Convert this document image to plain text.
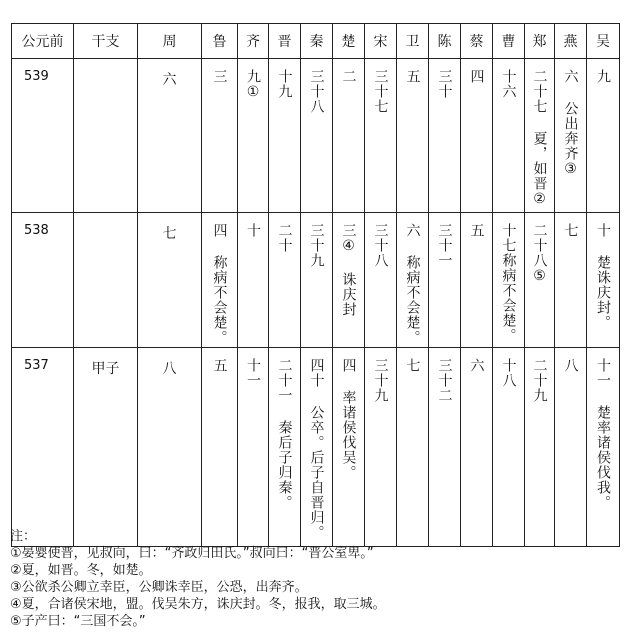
公元前	干支	周	鲁	齐	晋	秦	楚	宋	卫	陈	蔡	曹	郑	燕	吴
539		六	三	九①	十九	三十八	二	三十七	五	三十	四	十六	二十七 夏，如晋②	六 公出奔齐③	九

538		七	四 称病不会楚。	十	二十	三十九	三④ 诛庆封	三十八	六 称病不会楚。	三十一	五	十七称病不会楚。	二十八⑤	七	十 楚诛庆封。

537	甲子	八	五	十一	二十一 秦后子归秦。	四十 公卒。后子自晋归。	四 率诸侯伐吴。	三十九	七	三十二	六	十八	二十九	八	十一 楚率诸侯伐我。
注：
①晏婴使晋，见叔向，曰：“齐政归田氏。”叔向曰：“晋公室卑。”
②夏，如晋。冬，如楚。
③公欲杀公卿立幸臣，公卿诛幸臣，公恐，出奔齐。
④夏，合诸侯宋地，盟。伐吴朱方，诛庆封。冬，报我，取三城。
⑤子产曰：“三国不会。”
